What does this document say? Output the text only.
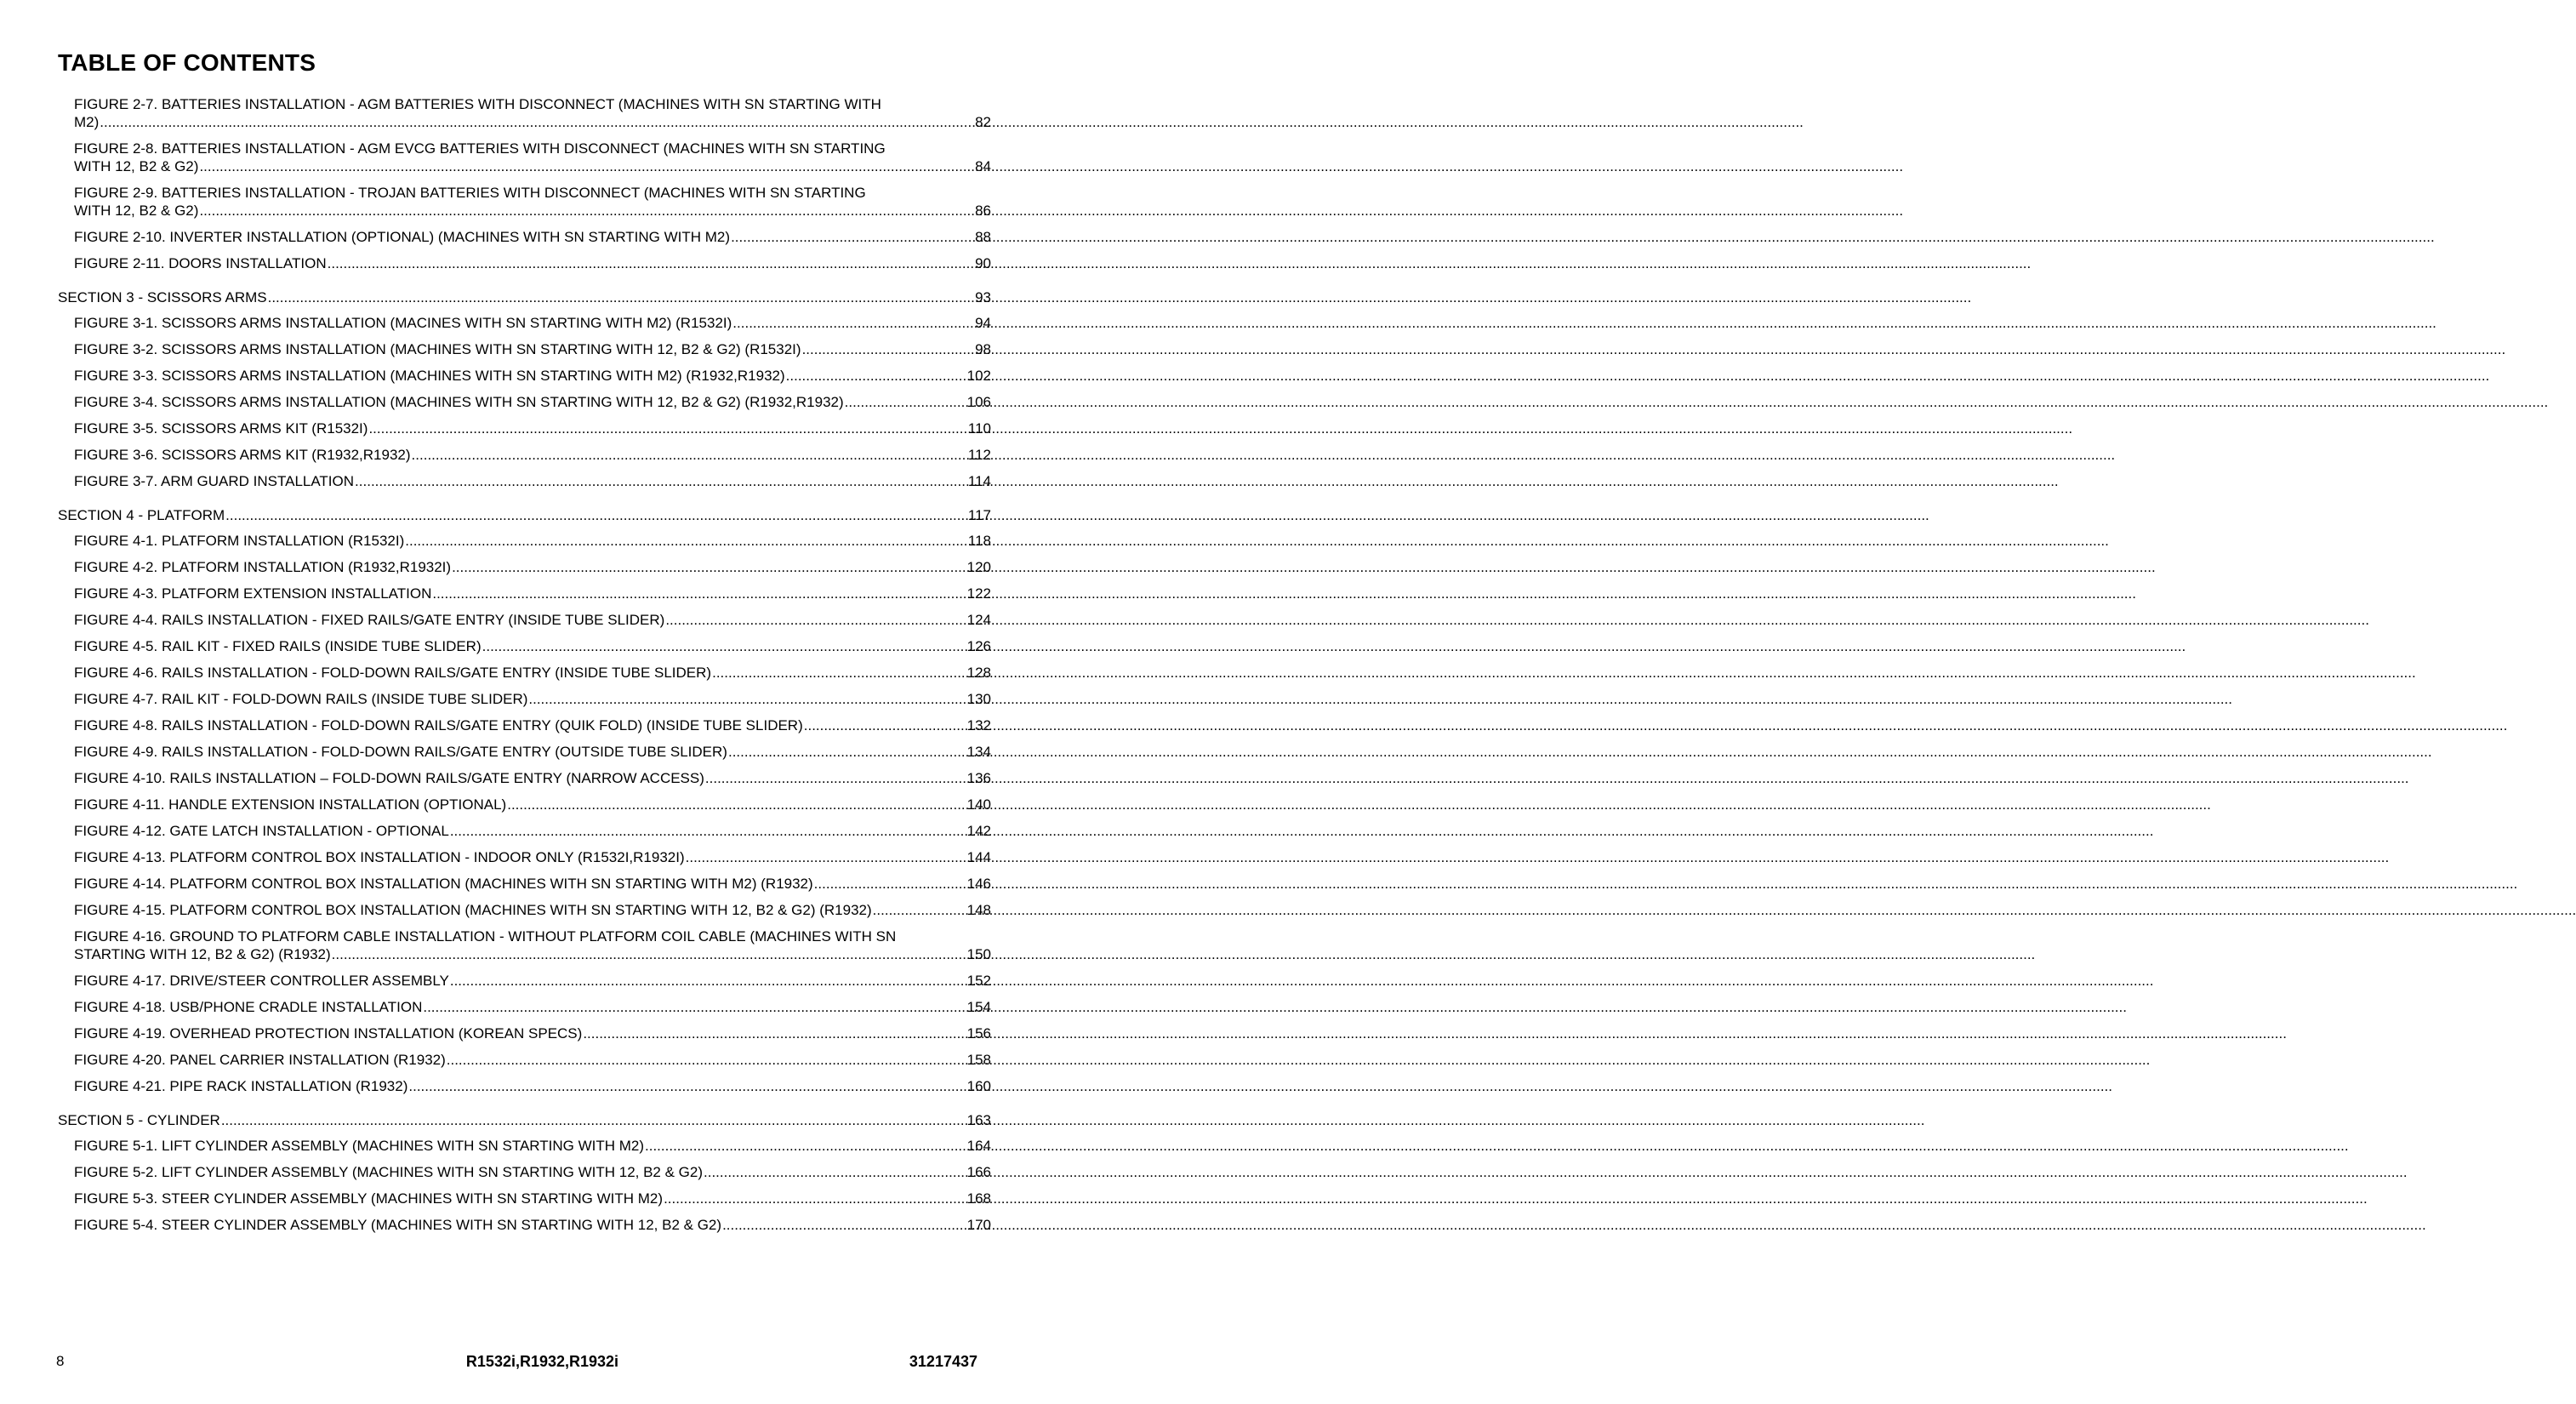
TABLE OF CONTENTS
FIGURE 2-7. BATTERIES INSTALLATION - AGM BATTERIES WITH DISCONNECT (MACHINES WITH SN STARTING WITH
M2) .....	82
FIGURE 2-8. BATTERIES INSTALLATION - AGM EVCG BATTERIES WITH DISCONNECT (MACHINES WITH SN STARTING
WITH 12, B2 & G2) .....	84
FIGURE 2-9. BATTERIES INSTALLATION - TROJAN BATTERIES WITH DISCONNECT (MACHINES WITH SN STARTING
WITH 12, B2 & G2) .....	86
FIGURE 2-10. INVERTER INSTALLATION (OPTIONAL) (MACHINES WITH SN STARTING WITH M2) .....	88
FIGURE 2-11. DOORS INSTALLATION .....	90
SECTION 3 - SCISSORS ARMS .....	93
FIGURE 3-1. SCISSORS ARMS INSTALLATION (MACINES WITH SN STARTING WITH M2) (R1532I) .....	94
FIGURE 3-2. SCISSORS ARMS INSTALLATION (MACHINES WITH SN STARTING WITH 12, B2 & G2) (R1532I) .....	98
FIGURE 3-3. SCISSORS ARMS INSTALLATION (MACHINES WITH SN STARTING WITH M2) (R1932,R1932) .....	102
FIGURE 3-4. SCISSORS ARMS INSTALLATION (MACHINES WITH SN STARTING WITH 12, B2 & G2) (R1932,R1932) .....	106
FIGURE 3-5. SCISSORS ARMS KIT (R1532I) .....	110
FIGURE 3-6. SCISSORS ARMS KIT (R1932,R1932) .....	112
FIGURE 3-7. ARM GUARD INSTALLATION .....	114
SECTION 4 - PLATFORM .....	117
FIGURE 4-1. PLATFORM INSTALLATION (R1532I) .....	118
FIGURE 4-2. PLATFORM INSTALLATION (R1932,R1932I) .....	120
FIGURE 4-3. PLATFORM EXTENSION INSTALLATION .....	122
FIGURE 4-4. RAILS INSTALLATION - FIXED RAILS/GATE ENTRY (INSIDE TUBE SLIDER) .....	124
FIGURE 4-5. RAIL KIT - FIXED RAILS (INSIDE TUBE SLIDER) .....	126
FIGURE 4-6. RAILS INSTALLATION - FOLD-DOWN RAILS/GATE ENTRY (INSIDE TUBE SLIDER) .....	128
FIGURE 4-7. RAIL KIT - FOLD-DOWN RAILS (INSIDE TUBE SLIDER) .....	130
FIGURE 4-8. RAILS INSTALLATION - FOLD-DOWN RAILS/GATE ENTRY (QUIK FOLD) (INSIDE TUBE SLIDER) .....	132
FIGURE 4-9. RAILS INSTALLATION - FOLD-DOWN RAILS/GATE ENTRY (OUTSIDE TUBE SLIDER) .....	134
FIGURE 4-10. RAILS INSTALLATION – FOLD-DOWN RAILS/GATE ENTRY (NARROW ACCESS) .....	136
FIGURE 4-11. HANDLE EXTENSION INSTALLATION (OPTIONAL) .....	140
FIGURE 4-12. GATE LATCH INSTALLATION - OPTIONAL .....	142
FIGURE 4-13. PLATFORM CONTROL BOX INSTALLATION - INDOOR ONLY (R1532I,R1932I) .....	144
FIGURE 4-14. PLATFORM CONTROL BOX INSTALLATION (MACHINES WITH SN STARTING WITH M2) (R1932) .....	146
FIGURE 4-15. PLATFORM CONTROL BOX INSTALLATION (MACHINES WITH SN STARTING WITH 12, B2 & G2) (R1932) .....	148
FIGURE 4-16. GROUND TO PLATFORM CABLE INSTALLATION - WITHOUT PLATFORM COIL CABLE (MACHINES WITH SN
STARTING WITH 12, B2 & G2) (R1932) .....	150
FIGURE 4-17. DRIVE/STEER CONTROLLER ASSEMBLY .....	152
FIGURE 4-18. USB/PHONE CRADLE INSTALLATION .....	154
FIGURE 4-19. OVERHEAD PROTECTION INSTALLATION (KOREAN SPECS) .....	156
FIGURE 4-20. PANEL CARRIER INSTALLATION (R1932) .....	158
FIGURE 4-21. PIPE RACK INSTALLATION (R1932) .....	160
SECTION 5 - CYLINDER .....	163
FIGURE 5-1. LIFT CYLINDER ASSEMBLY (MACHINES WITH SN STARTING WITH M2) .....	164
FIGURE 5-2. LIFT CYLINDER ASSEMBLY (MACHINES WITH SN STARTING WITH 12, B2 & G2) .....	166
FIGURE 5-3. STEER CYLINDER ASSEMBLY (MACHINES WITH SN STARTING WITH M2) .....	168
FIGURE 5-4. STEER CYLINDER ASSEMBLY (MACHINES WITH SN STARTING WITH 12, B2 & G2) .....	170
8	R1532i,R1932,R1932i	31217437
